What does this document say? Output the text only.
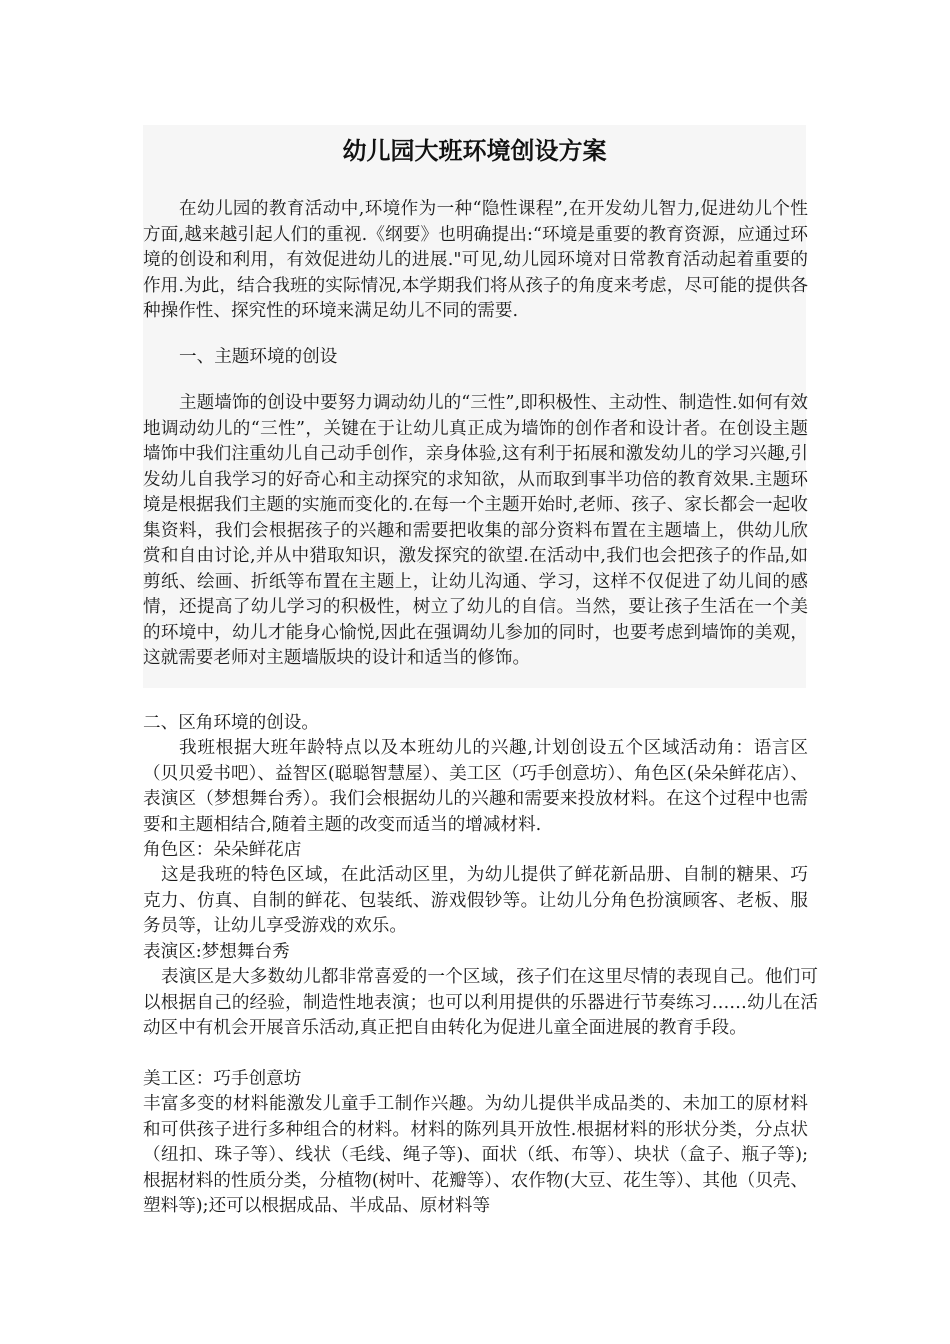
幼儿园大班环境创设方案

在幼儿园的教育活动中,环境作为一种“隐性课程”,在开发幼儿智力,促进幼儿个性方面,越来越引起人们的重视.《纲要》也明确提出:“环境是重要的教育资源，应通过环境的创设和利用，有效促进幼儿的进展."可见,幼儿园环境对日常教育活动起着重要的作用.为此，结合我班的实际情况,本学期我们将从孩子的角度来考虑，尽可能的提供各种操作性、探究性的环境来满足幼儿不同的需要.

一、主题环境的创设

主题墙饰的创设中要努力调动幼儿的“三性”,即积极性、主动性、制造性.如何有效地调动幼儿的“三性”，关键在于让幼儿真正成为墙饰的创作者和设计者。在创设主题墙饰中我们注重幼儿自己动手创作，亲身体验,这有利于拓展和激发幼儿的学习兴趣,引发幼儿自我学习的好奇心和主动探究的求知欲，从而取到事半功倍的教育效果.主题环境是根据我们主题的实施而变化的.在每一个主题开始时,老师、孩子、家长都会一起收集资料，我们会根据孩子的兴趣和需要把收集的部分资料布置在主题墙上，供幼儿欣赏和自由讨论,并从中猎取知识，激发探究的欲望.在活动中,我们也会把孩子的作品,如剪纸、绘画、折纸等布置在主题上，让幼儿沟通、学习，这样不仅促进了幼儿间的感情，还提高了幼儿学习的积极性，树立了幼儿的自信。当然，要让孩子生活在一个美的环境中，幼儿才能身心愉悦,因此在强调幼儿参加的同时，也要考虑到墙饰的美观，这就需要老师对主题墙版块的设计和适当的修饰。

二、区角环境的创设。

我班根据大班年龄特点以及本班幼儿的兴趣,计划创设五个区域活动角：语言区（贝贝爱书吧）、益智区(聪聪智慧屋）、美工区（巧手创意坊）、角色区(朵朵鲜花店）、表演区（梦想舞台秀）。我们会根据幼儿的兴趣和需要来投放材料。在这个过程中也需要和主题相结合,随着主题的改变而适当的增减材料.

角色区：朵朵鲜花店

这是我班的特色区域，在此活动区里，为幼儿提供了鲜花新品册、自制的糖果、巧克力、仿真、自制的鲜花、包装纸、游戏假钞等。让幼儿分角色扮演顾客、老板、服务员等，让幼儿享受游戏的欢乐。

表演区:梦想舞台秀

表演区是大多数幼儿都非常喜爱的一个区域，孩子们在这里尽情的表现自己。他们可以根据自己的经验，制造性地表演；也可以利用提供的乐器进行节奏练习……幼儿在活动区中有机会开展音乐活动,真正把自由转化为促进儿童全面进展的教育手段。

美工区：巧手创意坊

丰富多变的材料能激发儿童手工制作兴趣。为幼儿提供半成品类的、未加工的原材料和可供孩子进行多种组合的材料。材料的陈列具开放性.根据材料的形状分类，分点状（纽扣、珠子等）、线状（毛线、绳子等)、面状（纸、布等）、块状（盒子、瓶子等);根据材料的性质分类，分植物(树叶、花瓣等）、农作物(大豆、花生等）、其他（贝壳、塑料等);还可以根据成品、半成品、原材料等
